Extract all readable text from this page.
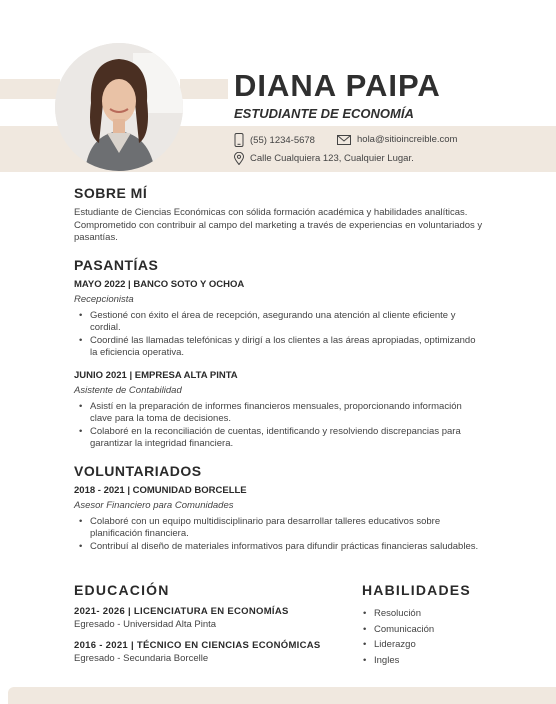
DIANA PAIPA
ESTUDIANTE DE ECONOMÍA
(55) 1234-5678	hola@sitioincreible.com
Calle Cualquiera 123, Cualquier Lugar.
SOBRE MÍ

Estudiante de Ciencias Económicas con sólida formación académica y habilidades analíticas. Comprometido con contribuir al campo del marketing a través de experiencias en voluntariados y pasantías.

PASANTÍAS
MAYO 2022 | BANCO SOTO Y OCHOA
Recepcionista
• Gestioné con éxito el área de recepción, asegurando una atención al cliente eficiente y cordial.
• Coordiné las llamadas telefónicas y dirigí a los clientes a las áreas apropiadas, optimizando la eficiencia operativa.
JUNIO 2021 | EMPRESA ALTA PINTA
Asistente de Contabilidad
• Asistí en la preparación de informes financieros mensuales, proporcionando información clave para la toma de decisiones.
• Colaboré en la reconciliación de cuentas, identificando y resolviendo discrepancias para garantizar la integridad financiera.
VOLUNTARIADOS
2018 - 2021 | COMUNIDAD BORCELLE
Asesor Financiero para Comunidades
• Colaboré con un equipo multidisciplinario para desarrollar talleres educativos sobre planificación financiera.
• Contribuí al diseño de materiales informativos para difundir prácticas financieras saludables.
EDUCACIÓN
2021- 2026 | LICENCIATURA EN ECONOMÍAS
Egresado - Universidad Alta Pinta
2016 - 2021 | TÉCNICO EN CIENCIAS ECONÓMICAS
Egresado - Secundaria Borcelle
HABILIDADES
• Resolución
• Comunicación
• Liderazgo
• Ingles
